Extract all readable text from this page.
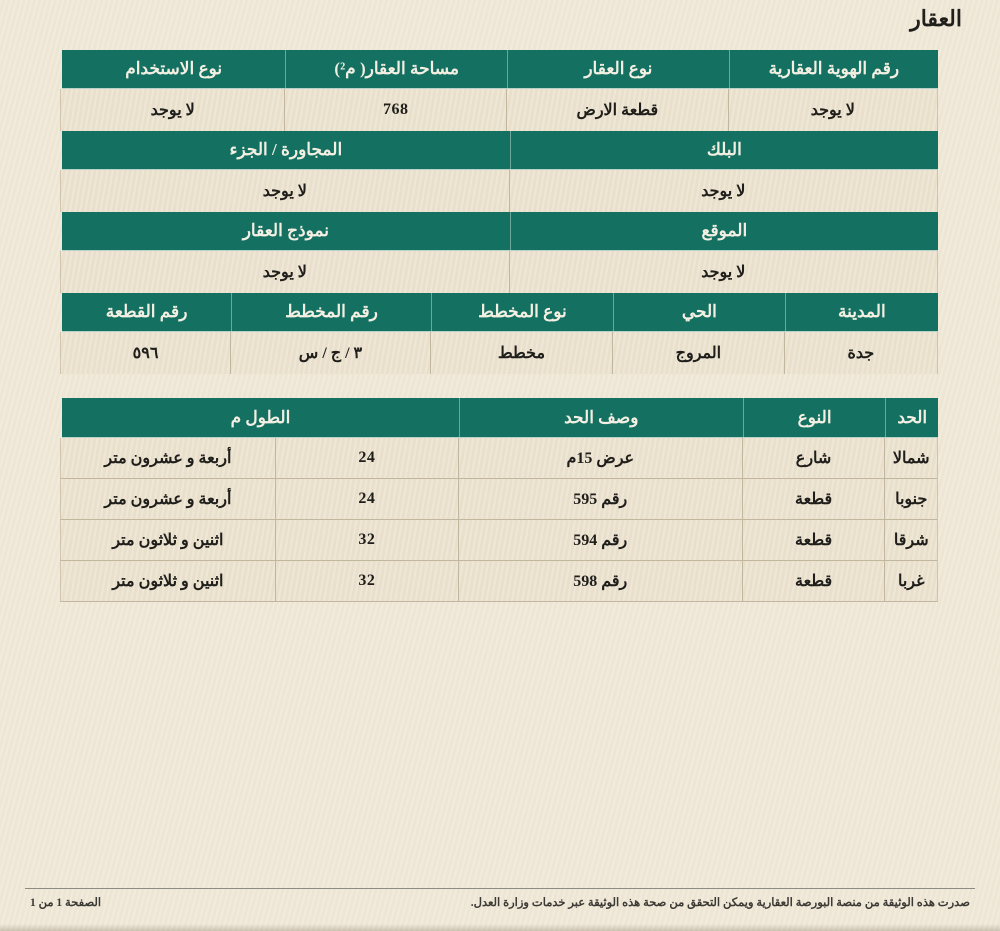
العقار
رقم الهوية العقارية
نوع العقار
مساحة العقار( م²)
نوع الاستخدام
لا يوجد
قطعة الارض
768
لا يوجد
البلك
المجاورة / الجزء
لا يوجد
لا يوجد
الموقع
نموذج العقار
لا يوجد
لا يوجد
المدينة
الحي
نوع المخطط
رقم المخطط
رقم القطعة
جدة
المروج
مخطط
٣ / ج / س
٥٩٦
الحد
النوع
وصف الحد
الطول م
شمالا
شارع
عرض 15م
24
أربعة و عشرون متر
جنوبا
قطعة
رقم 595
24
أربعة و عشرون متر
شرقا
قطعة
رقم 594
32
اثنين و ثلاثون متر
غربا
قطعة
رقم 598
32
اثنين و ثلاثون متر
صدرت هذه الوثيقة من منصة البورصة العقارية ويمكن التحقق من صحة هذه الوثيقة عبر خدمات وزارة العدل.
الصفحة 1 من 1
